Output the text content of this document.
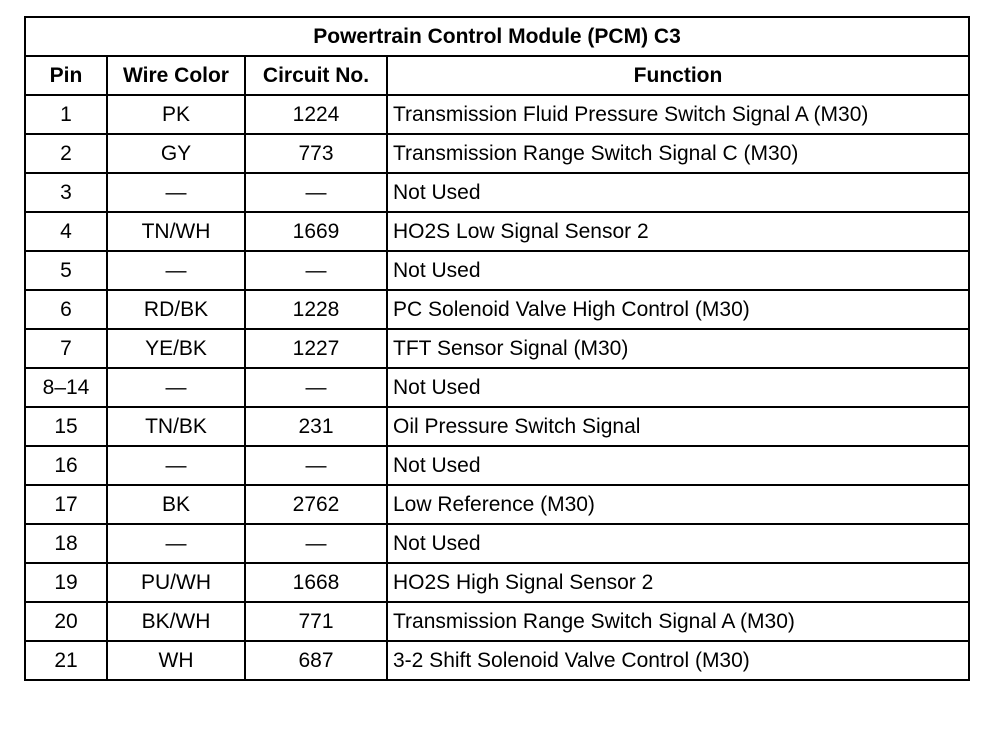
Powertrain Control Module (PCM) C3			
Pin	Wire Color	Circuit No.	Function
1	PK	1224	Transmission Fluid Pressure Switch Signal A (M30)
2	GY	773	Transmission Range Switch Signal C (M30)
3	—	—	Not Used
4	TN/WH	1669	HO2S Low Signal Sensor 2
5	—	—	Not Used
6	RD/BK	1228	PC Solenoid Valve High Control (M30)
7	YE/BK	1227	TFT Sensor Signal (M30)
8–14	—	—	Not Used
15	TN/BK	231	Oil Pressure Switch Signal
16	—	—	Not Used
17	BK	2762	Low Reference (M30)
18	—	—	Not Used
19	PU/WH	1668	HO2S High Signal Sensor 2
20	BK/WH	771	Transmission Range Switch Signal A (M30)
21	WH	687	3-2 Shift Solenoid Valve Control (M30)
